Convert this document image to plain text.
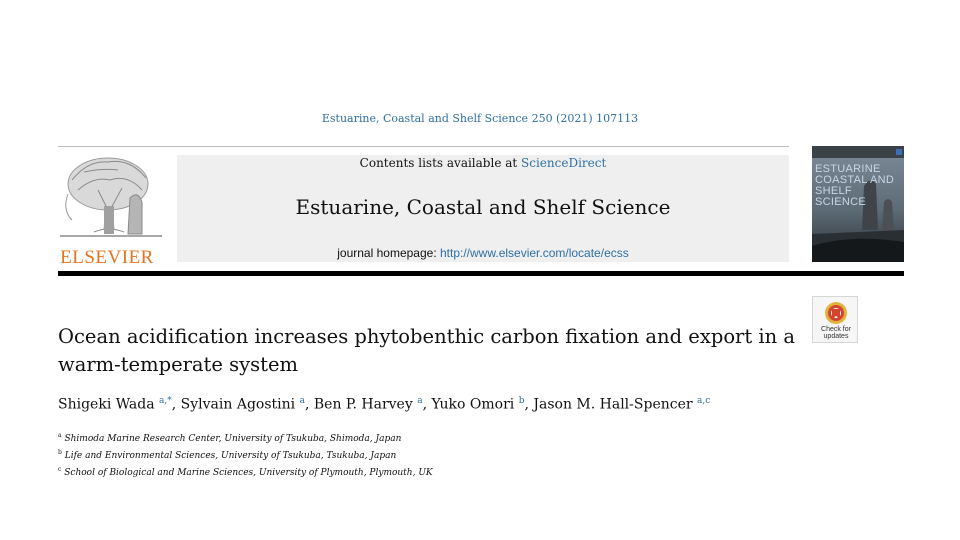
Estuarine, Coastal and Shelf Science 250 (2021) 107113
ELSEVIER
Contents lists available at ScienceDirect
Estuarine, Coastal and Shelf Science
journal homepage: http://www.elsevier.com/locate/ecss
ESTUARINE
COASTAL AND
SHELF SCIENCE
Check for
updates
Ocean acidification increases phytobenthic carbon fixation and export in a warm-temperate system
Shigeki Wada $^{a,*}$, Sylvain Agostini $^a$, Ben P. Harvey $^a$, Yuko Omori $^b$, Jason M. Hall-Spencer $^{a,c}$
$^a$ Shimoda Marine Research Center, University of Tsukuba, Shimoda, Japan
$^b$ Life and Environmental Sciences, University of Tsukuba, Tsukuba, Japan
$^c$ School of Biological and Marine Sciences, University of Plymouth, Plymouth, UK
